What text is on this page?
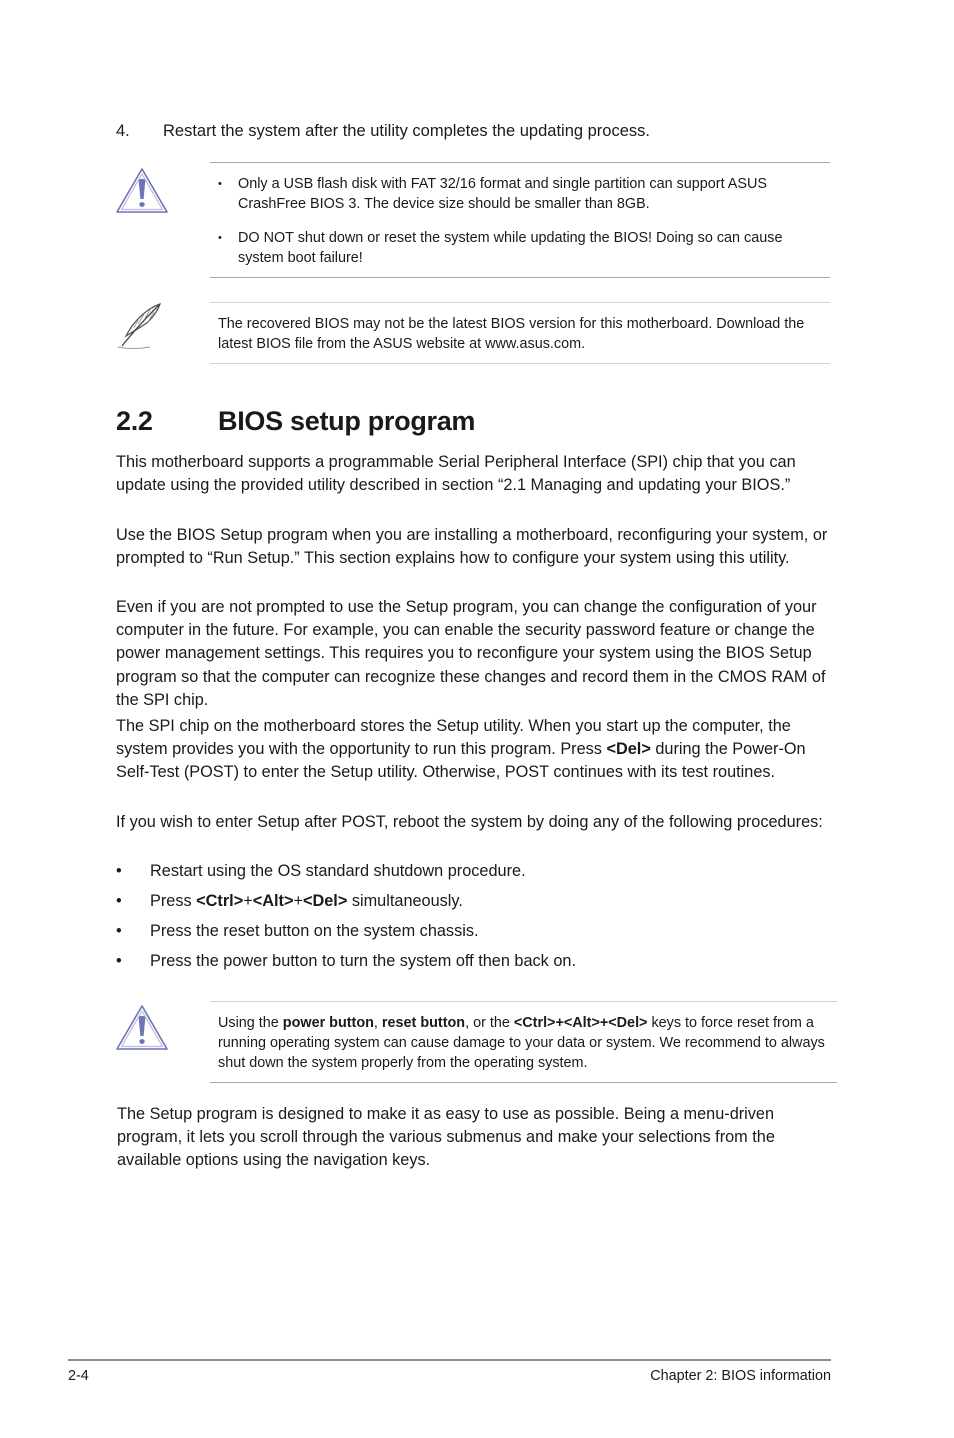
4. Restart the system after the utility completes the updating process.
• Only a USB flash disk with FAT 32/16 format and single partition can support ASUS CrashFree BIOS 3. The device size should be smaller than 8GB.
• DO NOT shut down or reset the system while updating the BIOS! Doing so can cause system boot failure!
The recovered BIOS may not be the latest BIOS version for this motherboard. Download the latest BIOS file from the ASUS website at www.asus.com.
2.2 BIOS setup program

This motherboard supports a programmable Serial Peripheral Interface (SPI) chip that you can update using the provided utility described in section “2.1 Managing and updating your BIOS.”

Use the BIOS Setup program when you are installing a motherboard, reconfiguring your system, or prompted to “Run Setup.” This section explains how to configure your system using this utility.

Even if you are not prompted to use the Setup program, you can change the configuration of your computer in the future. For example, you can enable the security password feature or change the power management settings. This requires you to reconfigure your system using the BIOS Setup program so that the computer can recognize these changes and record them in the CMOS RAM of the SPI chip.

The SPI chip on the motherboard stores the Setup utility. When you start up the computer, the system provides you with the opportunity to run this program. Press <Del> during the Power-On Self-Test (POST) to enter the Setup utility. Otherwise, POST continues with its test routines.

If you wish to enter Setup after POST, reboot the system by doing any of the following procedures:

• Restart using the OS standard shutdown procedure.
• Press <Ctrl>+<Alt>+<Del> simultaneously.
• Press the reset button on the system chassis.
• Press the power button to turn the system off then back on.
Using the power button, reset button, or the <Ctrl>+<Alt>+<Del> keys to force reset from a running operating system can cause damage to your data or system. We recommend to always shut down the system properly from the operating system.

The Setup program is designed to make it as easy to use as possible. Being a menu-driven program, it lets you scroll through the various submenus and make your selections from the available options using the navigation keys.

2-4	Chapter 2: BIOS information
